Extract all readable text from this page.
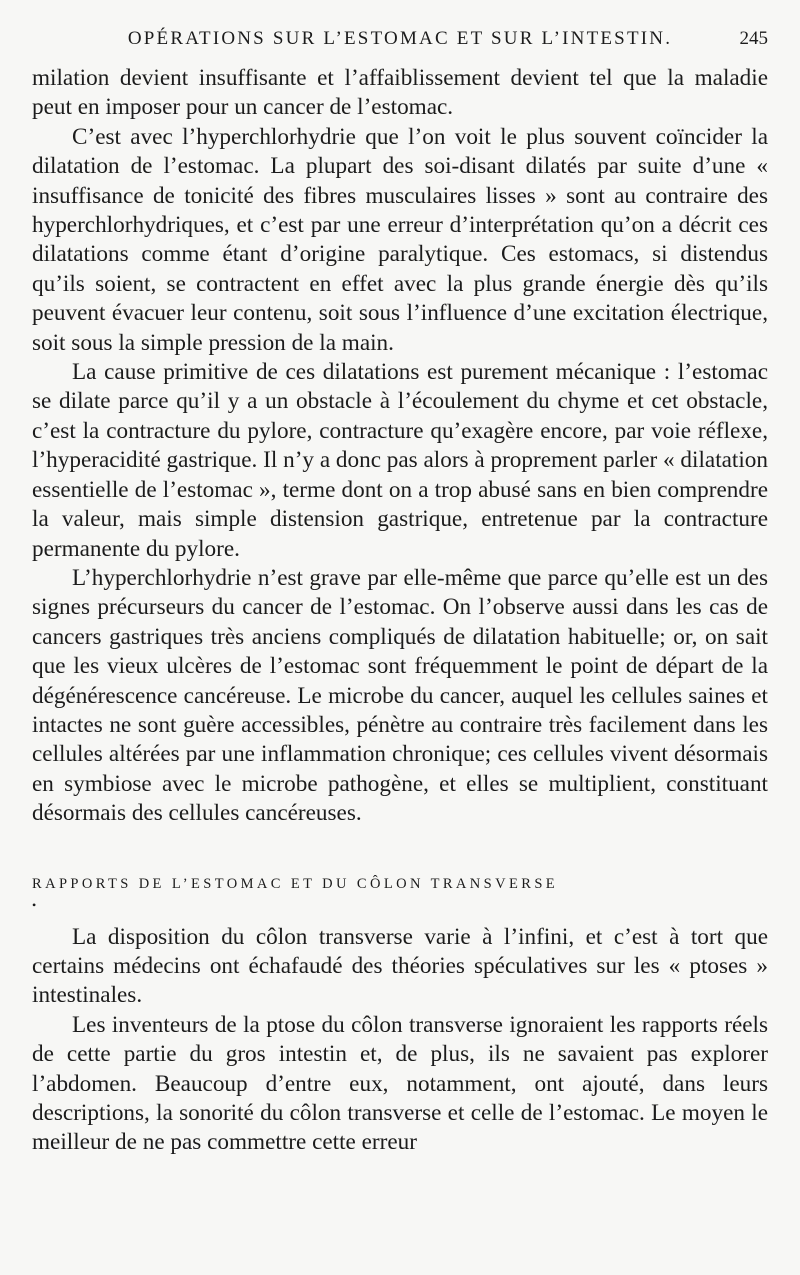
OPÉRATIONS SUR L’ESTOMAC ET SUR L’INTESTIN.	245

milation devient insuffisante et l’affaiblissement devient tel que la maladie peut en imposer pour un cancer de l’estomac.

C’est avec l’hyperchlorhydrie que l’on voit le plus souvent coïncider la dilatation de l’estomac. La plupart des soi-disant dilatés par suite d’une « insuffisance de tonicité des fibres musculaires lisses » sont au contraire des hyperchlorhydriques, et c’est par une erreur d’interprétation qu’on a décrit ces dilatations comme étant d’origine paralytique. Ces estomacs, si distendus qu’ils soient, se contractent en effet avec la plus grande énergie dès qu’ils peuvent évacuer leur contenu, soit sous l’influence d’une excitation électrique, soit sous la simple pression de la main.

La cause primitive de ces dilatations est purement mécanique : l’estomac se dilate parce qu’il y a un obstacle à l’écoulement du chyme et cet obstacle, c’est la contracture du pylore, contracture qu’exagère encore, par voie réflexe, l’hyperacidité gastrique. Il n’y a donc pas alors à proprement parler « dilatation essentielle de l’estomac », terme dont on a trop abusé sans en bien comprendre la valeur, mais simple distension gastrique, entretenue par la contracture permanente du pylore.

L’hyperchlorhydrie n’est grave par elle-même que parce qu’elle est un des signes précurseurs du cancer de l’estomac. On l’observe aussi dans les cas de cancers gastriques très anciens compliqués de dilatation habituelle; or, on sait que les vieux ulcères de l’estomac sont fréquemment le point de départ de la dégénérescence cancéreuse. Le microbe du cancer, auquel les cellules saines et intactes ne sont guère accessibles, pénètre au contraire très facilement dans les cellules altérées par une inflammation chronique; ces cellules vivent désormais en symbiose avec le microbe pathogène, et elles se multiplient, constituant désormais des cellules cancéreuses.

RAPPORTS DE L’ESTOMAC ET DU CÔLON TRANSVERSE
•

La disposition du côlon transverse varie à l’infini, et c’est à tort que certains médecins ont échafaudé des théories spéculatives sur les « ptoses » intestinales.

Les inventeurs de la ptose du côlon transverse ignoraient les rapports réels de cette partie du gros intestin et, de plus, ils ne savaient pas explorer l’abdomen. Beaucoup d’entre eux, notamment, ont ajouté, dans leurs descriptions, la sonorité du côlon transverse et celle de l’estomac. Le moyen le meilleur de ne pas commettre cette erreur
